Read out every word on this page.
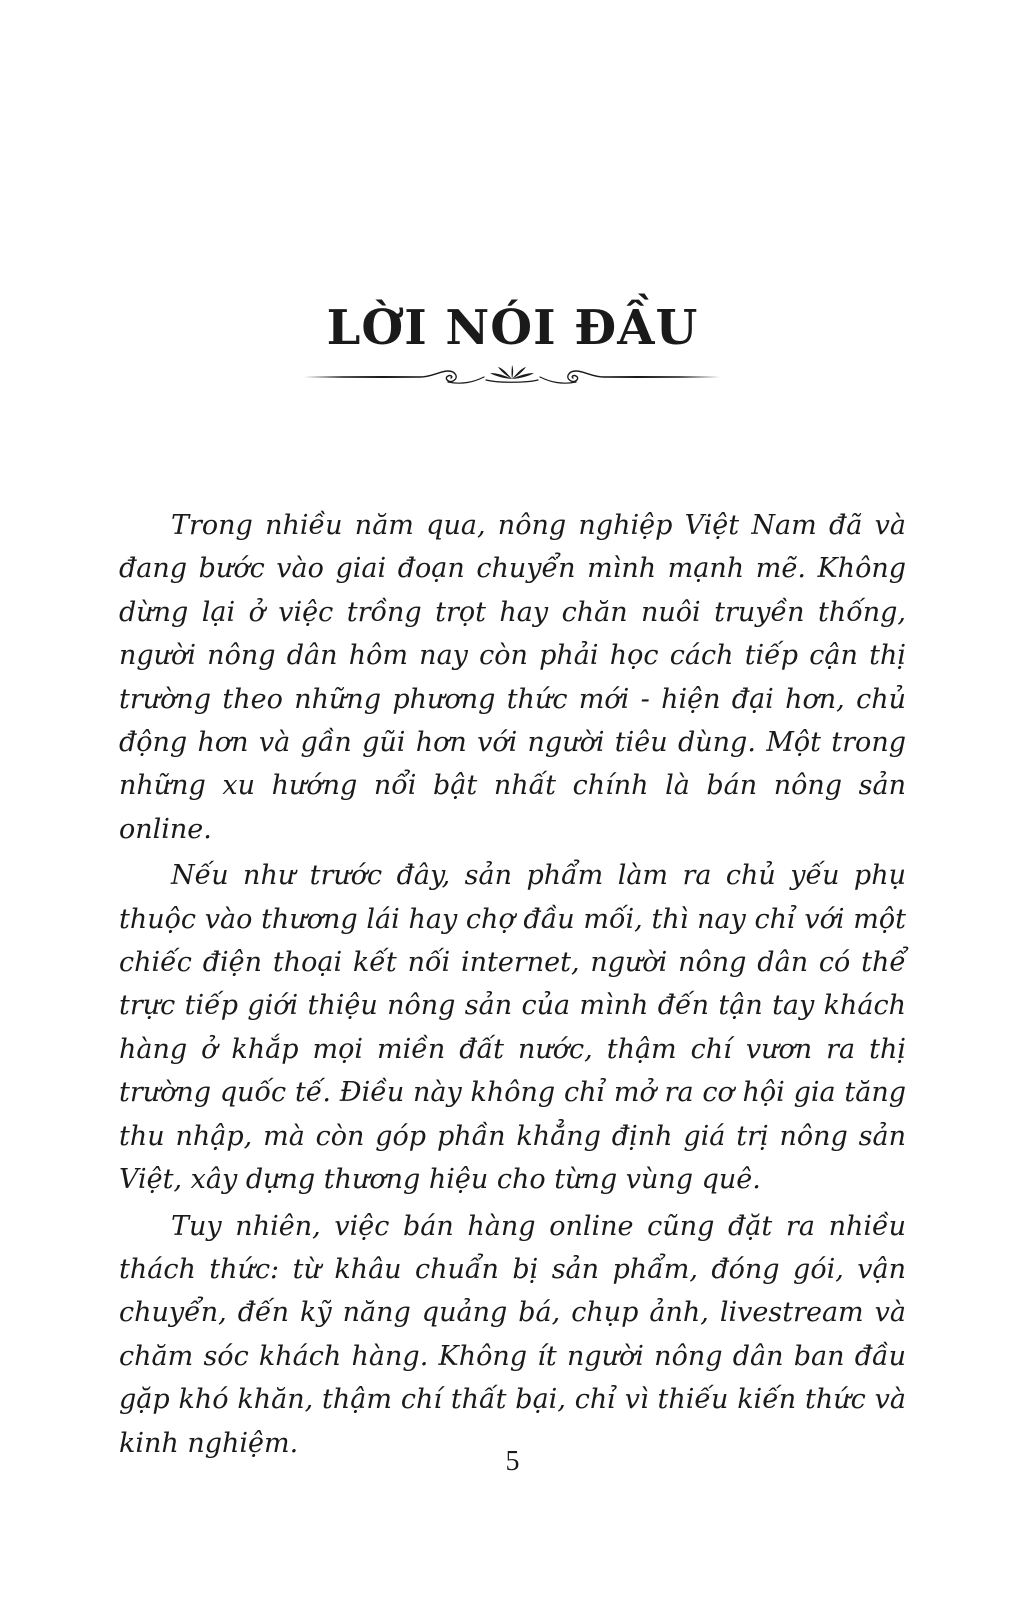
LỜI NÓI ĐẦU

Trong nhiều năm qua, nông nghiệp Việt Nam đã và đang bước vào giai đoạn chuyển mình mạnh mẽ. Không dừng lại ở việc trồng trọt hay chăn nuôi truyền thống, người nông dân hôm nay còn phải học cách tiếp cận thị trường theo những phương thức mới - hiện đại hơn, chủ động hơn và gần gũi hơn với người tiêu dùng. Một trong những xu hướng nổi bật nhất chính là bán nông sản online.

Nếu như trước đây, sản phẩm làm ra chủ yếu phụ thuộc vào thương lái hay chợ đầu mối, thì nay chỉ với một chiếc điện thoại kết nối internet, người nông dân có thể trực tiếp giới thiệu nông sản của mình đến tận tay khách hàng ở khắp mọi miền đất nước, thậm chí vươn ra thị trường quốc tế. Điều này không chỉ mở ra cơ hội gia tăng thu nhập, mà còn góp phần khẳng định giá trị nông sản Việt, xây dựng thương hiệu cho từng vùng quê.

Tuy nhiên, việc bán hàng online cũng đặt ra nhiều thách thức: từ khâu chuẩn bị sản phẩm, đóng gói, vận chuyển, đến kỹ năng quảng bá, chụp ảnh, livestream và chăm sóc khách hàng. Không ít người nông dân ban đầu gặp khó khăn, thậm chí thất bại, chỉ vì thiếu kiến thức và kinh nghiệm.

5
